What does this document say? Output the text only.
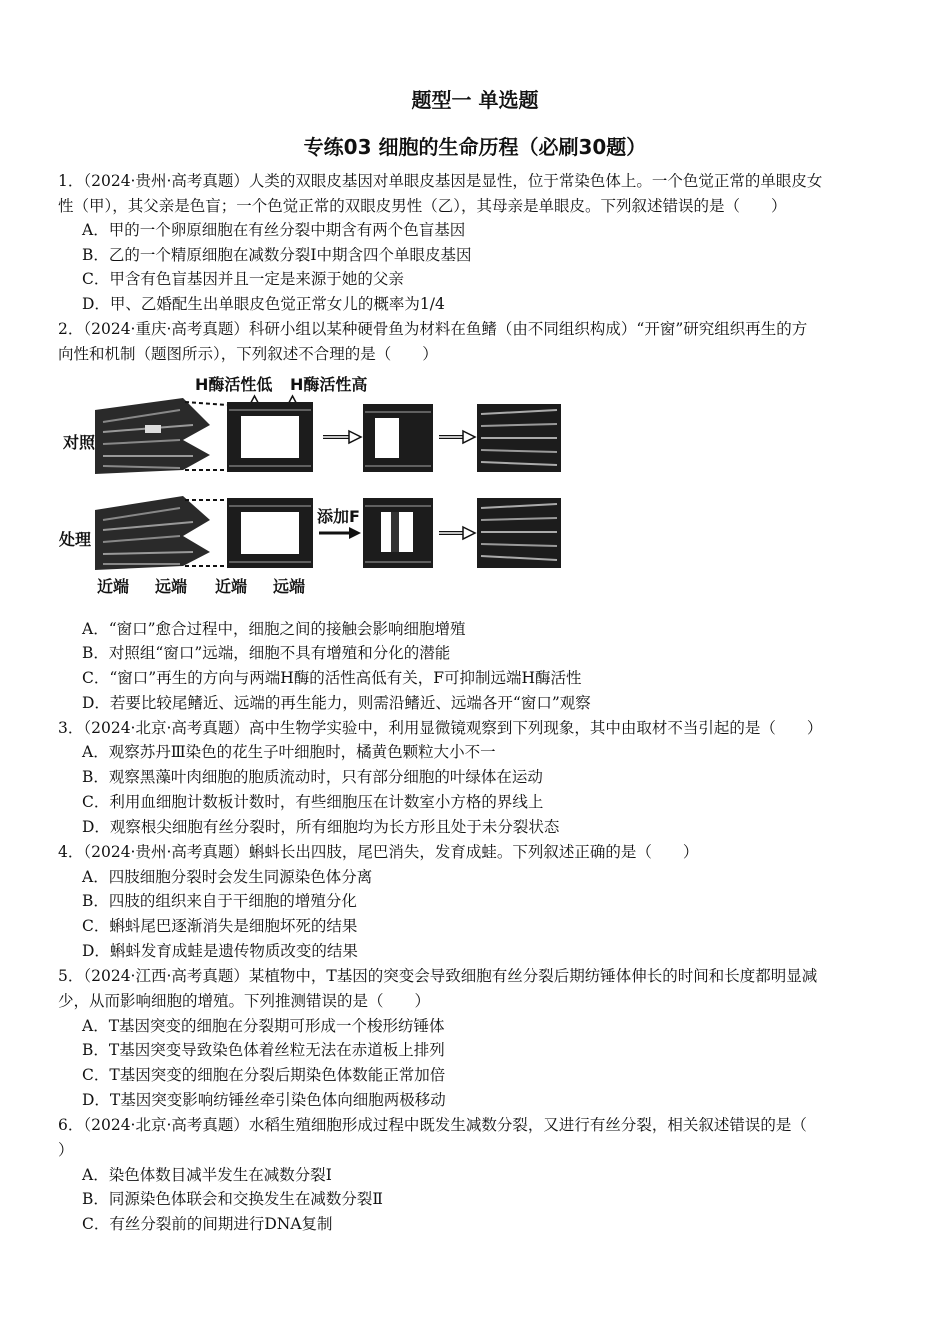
题型一 单选题
专练03 细胞的生命历程（必刷30题）
1．（2024·贵州·高考真题）人类的双眼皮基因对单眼皮基因是显性，位于常染色体上。一个色觉正常的单眼皮女
性（甲），其父亲是色盲；一个色觉正常的双眼皮男性（乙），其母亲是单眼皮。下列叙述错误的是（　　）
A．甲的一个卵原细胞在有丝分裂中期含有两个色盲基因
B．乙的一个精原细胞在减数分裂Ⅰ中期含四个单眼皮基因
C．甲含有色盲基因并且一定是来源于她的父亲
D．甲、乙婚配生出单眼皮色觉正常女儿的概率为1/4
2．（2024·重庆·高考真题）科研小组以某种硬骨鱼为材料在鱼鳍（由不同组织构成）“开窗”研究组织再生的方
向性和机制（题图所示），下列叙述不合理的是（　　）
H酶活性低 H酶活性高
对照
处理
添加F
近端 远端 近端 远端
A．“窗口”愈合过程中，细胞之间的接触会影响细胞增殖
B．对照组“窗口”远端，细胞不具有增殖和分化的潜能
C．“窗口”再生的方向与两端H酶的活性高低有关，F可抑制远端H酶活性
D．若要比较尾鳍近、远端的再生能力，则需沿鳍近、远端各开“窗口”观察
3．（2024·北京·高考真题）高中生物学实验中，利用显微镜观察到下列现象，其中由取材不当引起的是（　　）
A．观察苏丹Ⅲ染色的花生子叶细胞时，橘黄色颗粒大小不一
B．观察黑藻叶肉细胞的胞质流动时，只有部分细胞的叶绿体在运动
C．利用血细胞计数板计数时，有些细胞压在计数室小方格的界线上
D．观察根尖细胞有丝分裂时，所有细胞均为长方形且处于未分裂状态
4．（2024·贵州·高考真题）蝌蚪长出四肢，尾巴消失，发育成蛙。下列叙述正确的是（　　）
A．四肢细胞分裂时会发生同源染色体分离
B．四肢的组织来自于干细胞的增殖分化
C．蝌蚪尾巴逐渐消失是细胞坏死的结果
D．蝌蚪发育成蛙是遗传物质改变的结果
5．（2024·江西·高考真题）某植物中，T基因的突变会导致细胞有丝分裂后期纺锤体伸长的时间和长度都明显减
少，从而影响细胞的增殖。下列推测错误的是（　　）
A．T基因突变的细胞在分裂期可形成一个梭形纺锤体
B．T基因突变导致染色体着丝粒无法在赤道板上排列
C．T基因突变的细胞在分裂后期染色体数能正常加倍
D．T基因突变影响纺锤丝牵引染色体向细胞两极移动
6．（2024·北京·高考真题）水稻生殖细胞形成过程中既发生减数分裂，又进行有丝分裂，相关叙述错误的是（
）
A．染色体数目减半发生在减数分裂Ⅰ
B．同源染色体联会和交换发生在减数分裂Ⅱ
C．有丝分裂前的间期进行DNA复制
